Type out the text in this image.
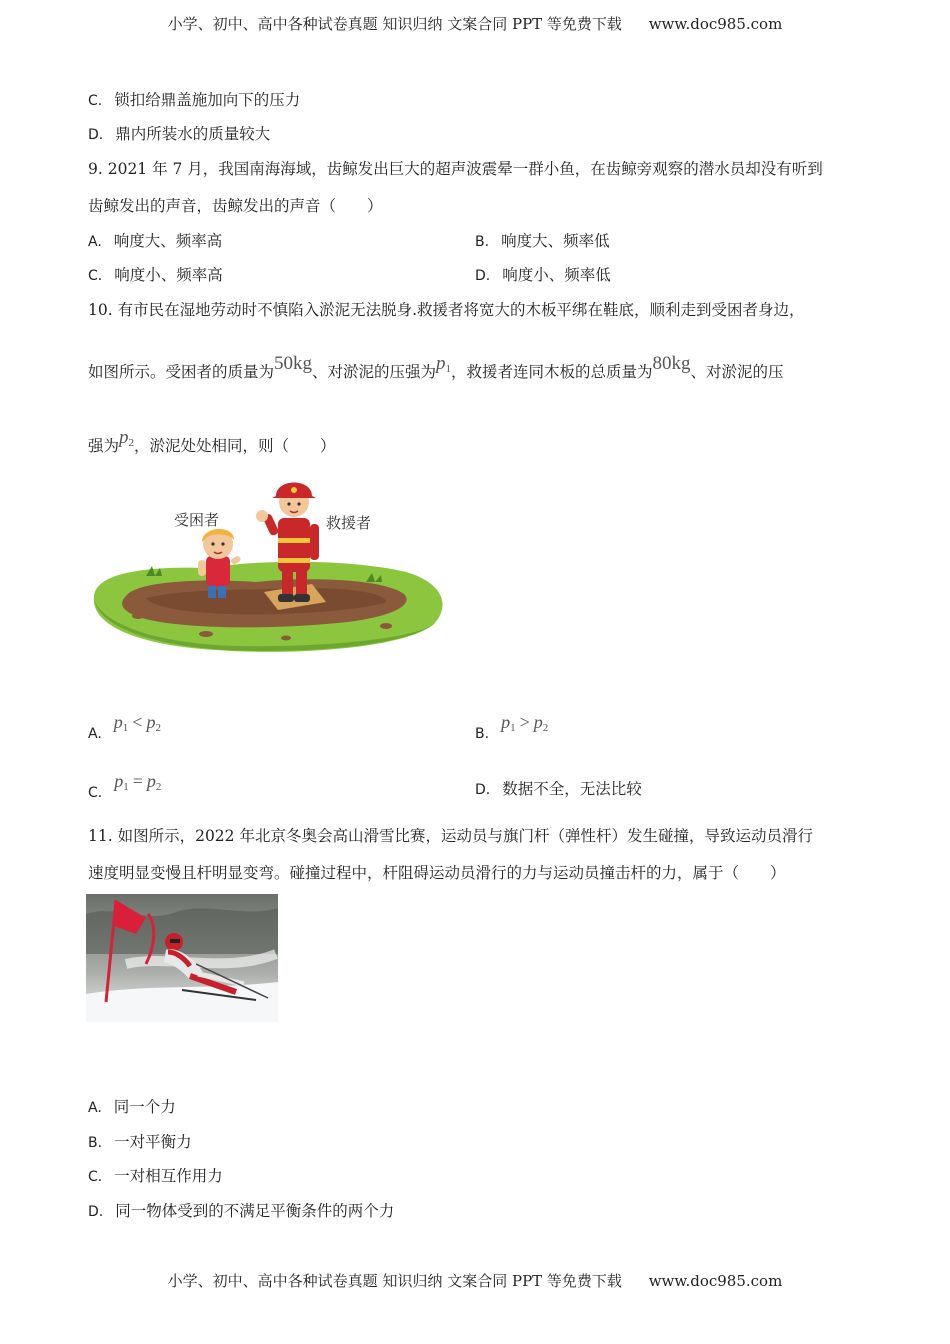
小学、初中、高中各种试卷真题 知识归纳 文案合同 PPT 等免费下载 www.doc985.com
C. 锁扣给鼎盖施加向下的压力
D. 鼎内所装水的质量较大
9. 2021 年 7 月，我国南海海域，齿鲸发出巨大的超声波震晕一群小鱼，在齿鲸旁观察的潜水员却没有听到
齿鲸发出的声音，齿鲸发出的声音（　　）
A. 响度大、频率高	B. 响度大、频率低
C. 响度小、频率高	D. 响度小、频率低
10. 有市民在湿地劳动时不慎陷入淤泥无法脱身.救援者将宽大的木板平绑在鞋底，顺利走到受困者身边，
如图所示。受困者的质量为50kg、对淤泥的压强为$p_1$，救援者连同木板的总质量为80kg、对淤泥的压
强为$p_2$，淤泥处处相同，则（　　）
受困者	救援者
$A.p_1 < p_2$	$B.p_1 > p_2$
$C.p_1 = p_2$	D. 数据不全，无法比较
11. 如图所示，2022 年北京冬奥会高山滑雪比赛，运动员与旗门杆（弹性杆）发生碰撞，导致运动员滑行
速度明显变慢且杆明显变弯。碰撞过程中，杆阻碍运动员滑行的力与运动员撞击杆的力，属于（　　）
A. 同一个力
B. 一对平衡力
C. 一对相互作用力
D. 同一物体受到的不满足平衡条件的两个力
小学、初中、高中各种试卷真题 知识归纳 文案合同 PPT 等免费下载 www.doc985.com
